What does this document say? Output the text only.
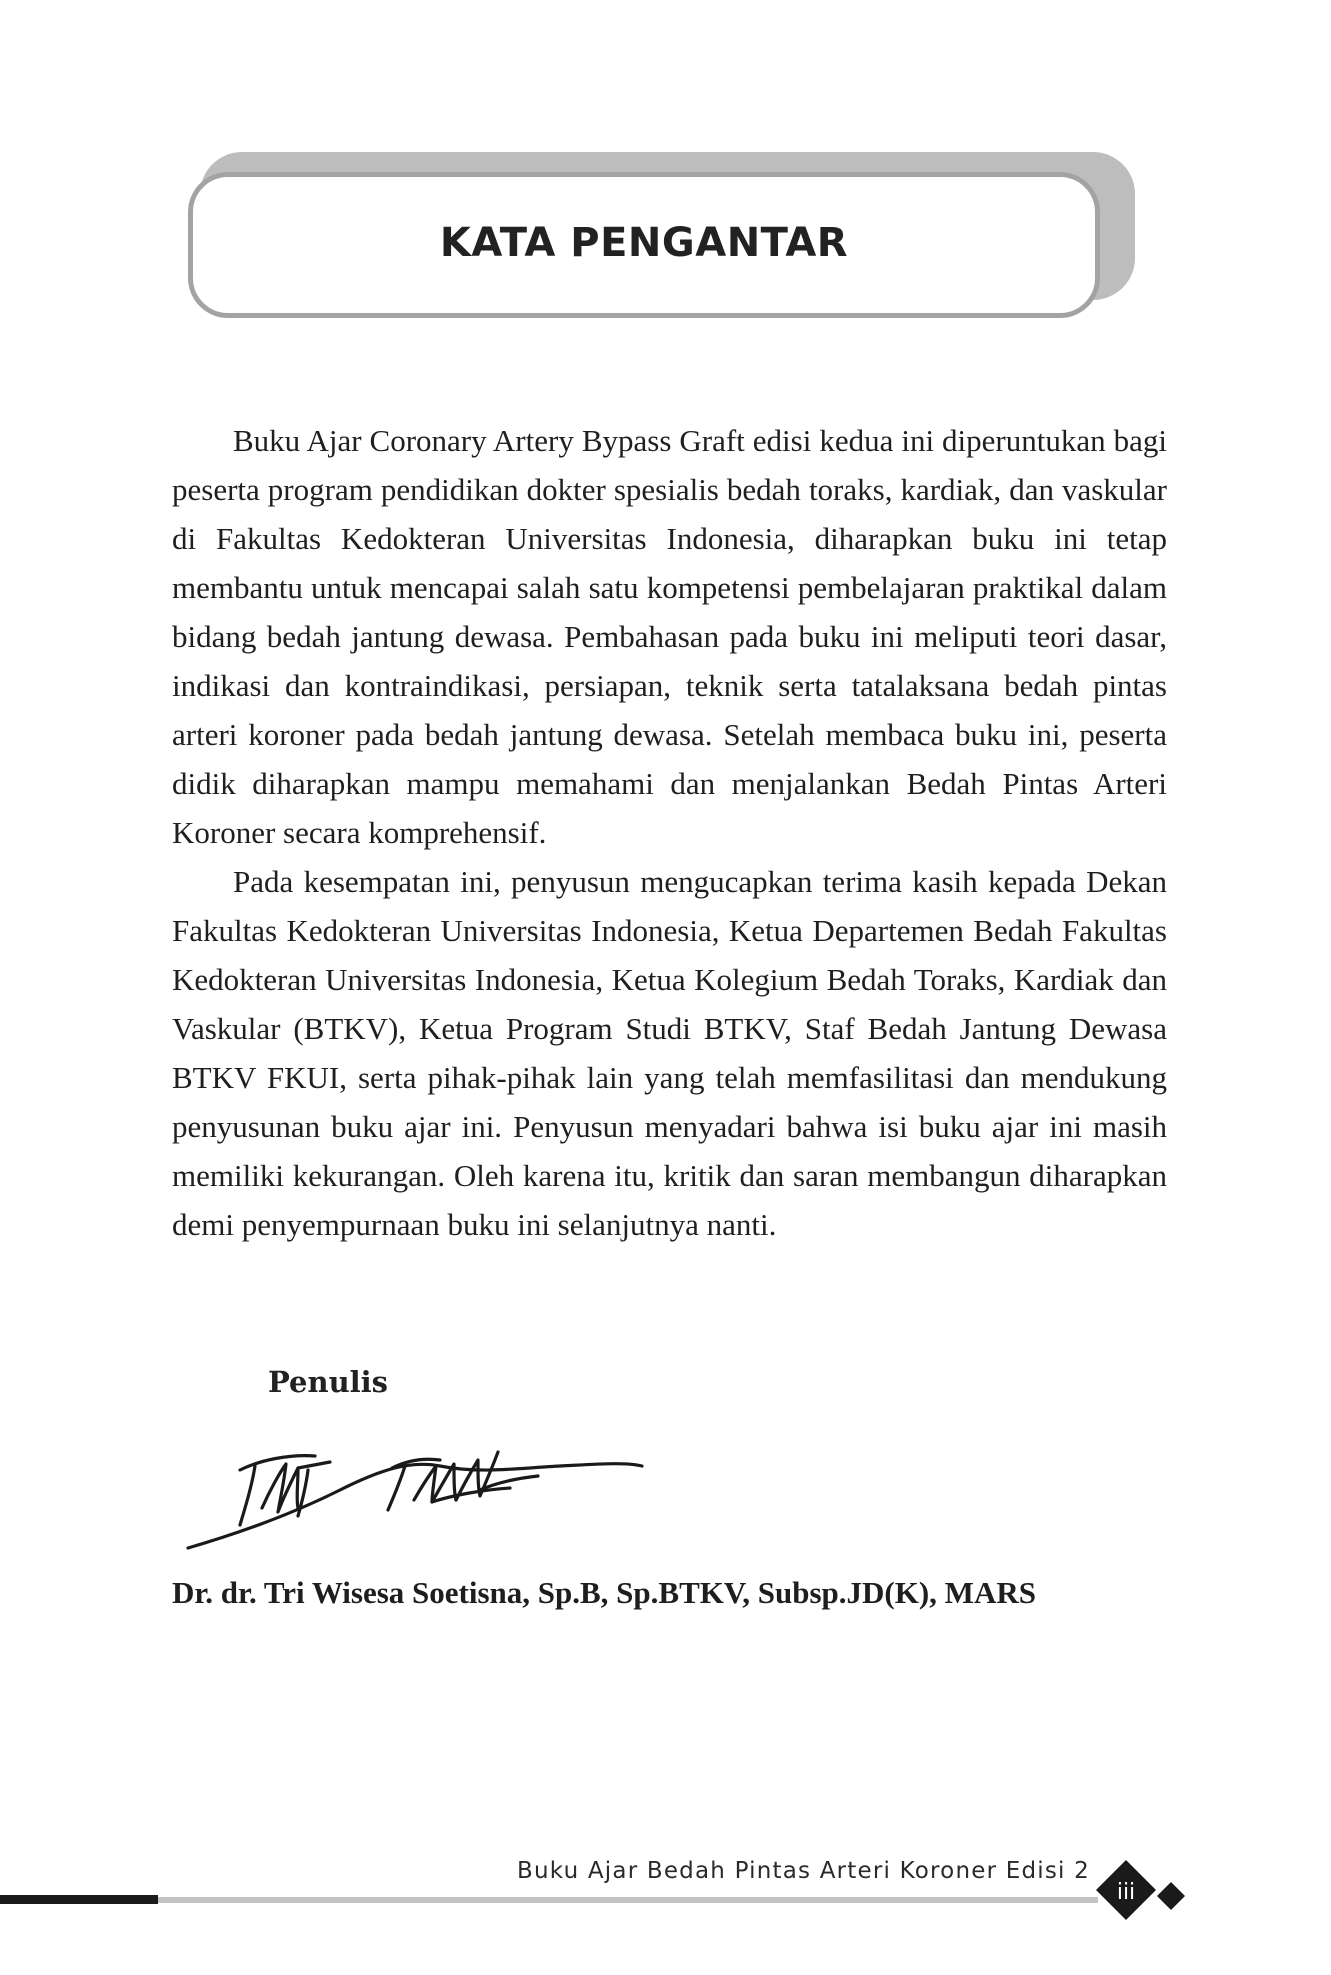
KATA PENGANTAR

Buku Ajar Coronary Artery Bypass Graft edisi kedua ini diperuntukan bagi peserta program pendidikan dokter spesialis bedah toraks, kardiak, dan vaskular di Fakultas Kedokteran Universitas Indonesia, diharapkan buku ini tetap membantu untuk mencapai salah satu kompetensi pembelajaran praktikal dalam bidang bedah jantung dewasa. Pembahasan pada buku ini meliputi teori dasar, indikasi dan kontraindikasi, persiapan, teknik serta tatalaksana bedah pintas arteri koroner pada bedah jantung dewasa. Setelah membaca buku ini, peserta didik diharapkan mampu memahami dan menjalankan Bedah Pintas Arteri Koroner secara komprehensif.

Pada kesempatan ini, penyusun mengucapkan terima kasih kepada Dekan Fakultas Kedokteran Universitas Indonesia, Ketua Departemen Bedah Fakultas Kedokteran Universitas Indonesia, Ketua Kolegium Bedah Toraks, Kardiak dan Vaskular (BTKV), Ketua Program Studi BTKV, Staf Bedah Jantung Dewasa BTKV FKUI, serta pihak-pihak lain yang telah memfasilitasi dan mendukung penyusunan buku ajar ini. Penyusun menyadari bahwa isi buku ajar ini masih memiliki kekurangan. Oleh karena itu, kritik dan saran membangun diharapkan demi penyempurnaan buku ini selanjutnya nanti.

Penulis
Dr. dr. Tri Wisesa Soetisna, Sp.B, Sp.BTKV, Subsp.JD(K), MARS
Buku Ajar Bedah Pintas Arteri Koroner Edisi 2
iii
